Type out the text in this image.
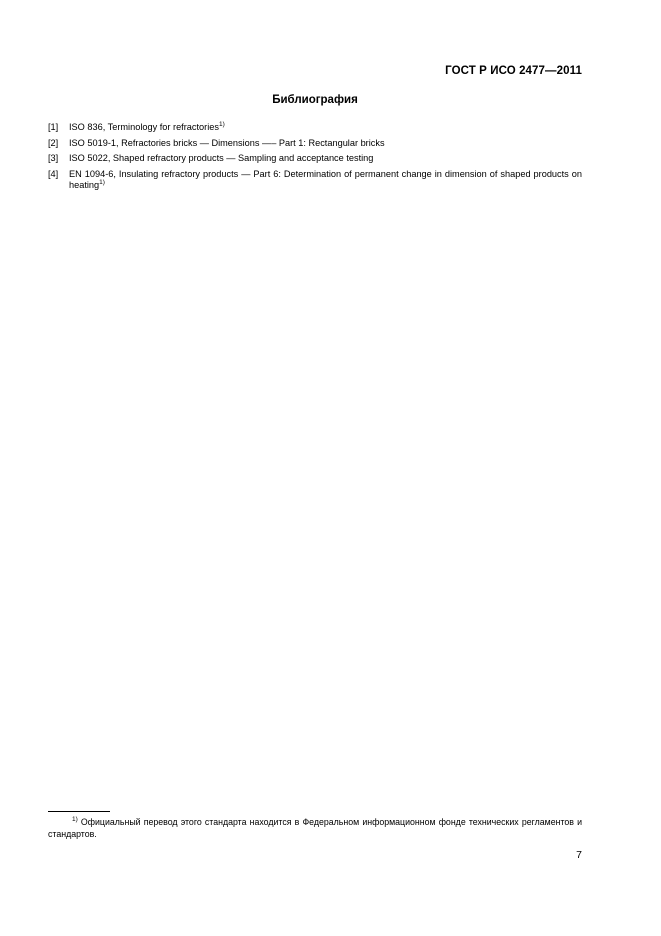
ГОСТ Р ИСО 2477—2011
Библиография
[1]	ISO 836, Terminology for refractories$^{1)}$
[2]	ISO 5019-1, Refractories bricks — Dimensions —– Part 1: Rectangular bricks
[3]	ISO 5022, Shaped refractory products — Sampling and acceptance testing
[4]	EN 1094-6, Insulating refractory products — Part 6: Determination of permanent change in dimension of shaped products on heating$^{1)}$
$^{1)}$ Официальный перевод этого стандарта находится в Федеральном информационном фонде технических регламентов и стандартов.
7
